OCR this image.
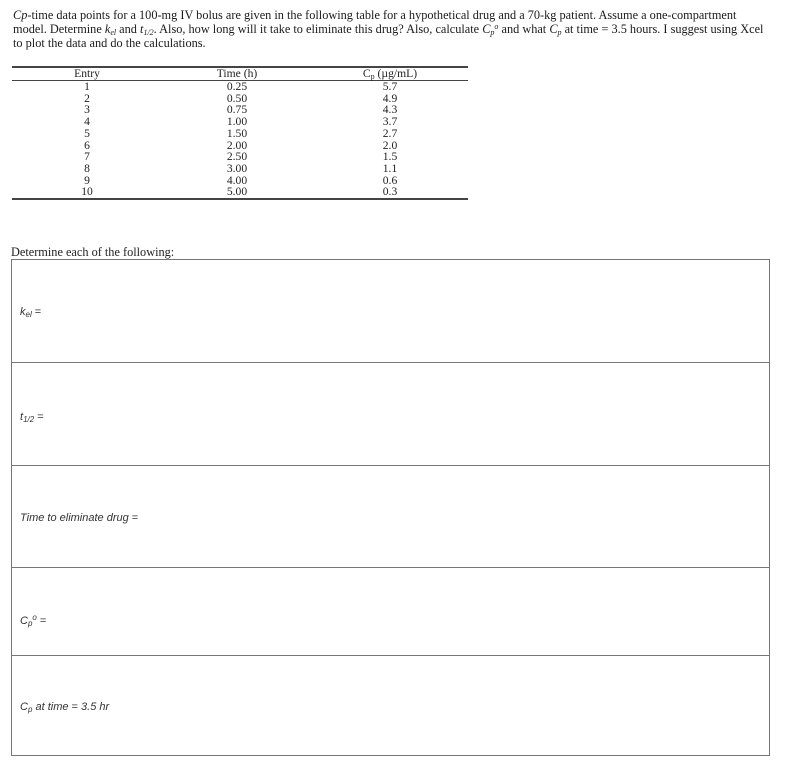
Cp-time data points for a 100-mg IV bolus are given in the following table for a hypothetical drug and a 70-kg patient. Assume a one-compartment model. Determine $k_{el}$ and $t_{1/2}$. Also, how long will it take to eliminate this drug? Also, calculate $C_p^o$ and what $C_p$ at time = 3.5 hours. I suggest using Xcel to plot the data and do the calculations.
Entry	Time (h)	$C_p$ (µg/mL)
1	0.25	5.7
2	0.50	4.9
3	0.75	4.3
4	1.00	3.7
5	1.50	2.7
6	2.00	2.0
7	2.50	1.5
8	3.00	1.1
9	4.00	0.6
10	5.00	0.3
Determine each of the following:
$k_{el}$ =
$t_{1/2}$ =
Time to eliminate drug =
$C_p^o$ =
$C_p$ at time = 3.5 hr
